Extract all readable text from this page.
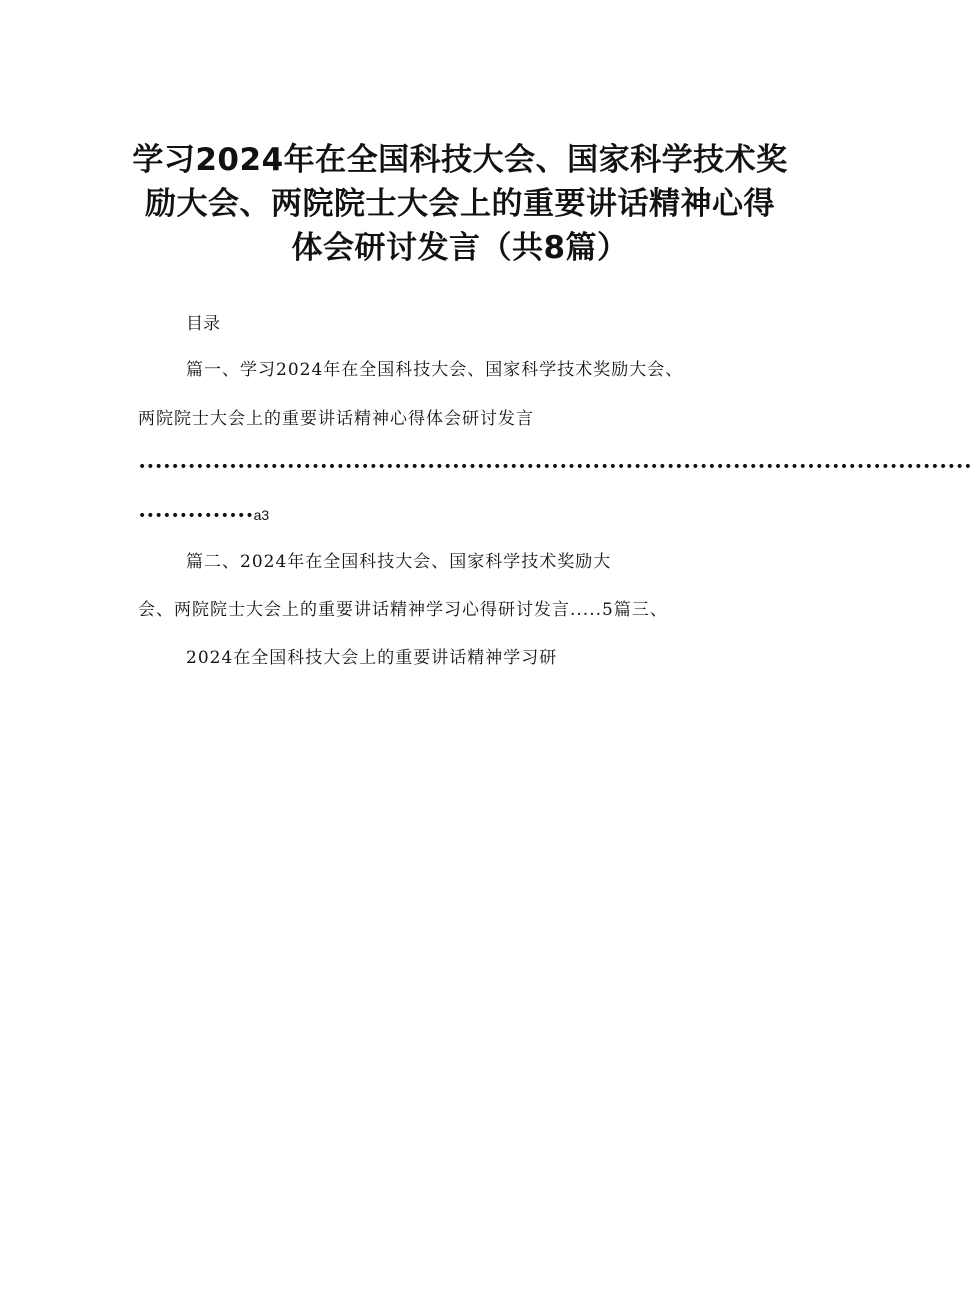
学习2024年在全国科技大会、国家科学技术奖励大会、两院院士大会上的重要讲话精神心得体会研讨发言（共8篇）
目录
篇一、学习2024年在全国科技大会、国家科学技术奖励大会、
两院院士大会上的重要讲话精神心得体会研讨发言
•••••••••••••••••••••••••••••••••••••••••••••••••••••••••••••••••••••••••••••••••••••••••••••••••••••
••••••••••••••a3
篇二、2024年在全国科技大会、国家科学技术奖励大
会、两院院士大会上的重要讲话精神学习心得研讨发言.....5篇三、
2024在全国科技大会上的重要讲话精神学习研
